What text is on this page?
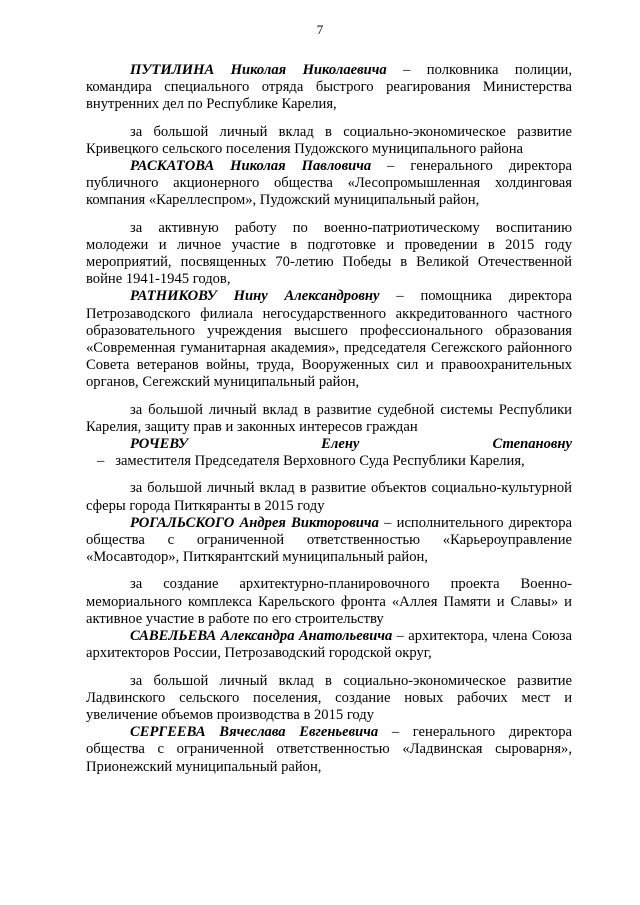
7

ПУТИЛИНА Николая Николаевича – полковника полиции, командира специального отряда быстрого реагирования Министерства внутренних дел по Республике Карелия,

за большой личный вклад в социально-экономическое развитие Кривецкого сельского поселения Пудожского муниципального района

РАСКАТОВА Николая Павловича – генерального директора публичного акционерного общества «Лесопромышленная холдинговая компания «Кареллеспром», Пудожский муниципальный район,

за активную работу по военно-патриотическому воспитанию молодежи и личное участие в подготовке и проведении в 2015 году мероприятий, посвященных 70-летию Победы в Великой Отечественной войне 1941-1945 годов,

РАТНИКОВУ Нину Александровну – помощника директора Петрозаводского филиала негосударственного аккредитованного частного образовательного учреждения высшего профессионального образования «Современная гуманитарная академия», председателя Сегежского районного Совета ветеранов войны, труда, Вооруженных сил и правоохранительных органов, Сегежский муниципальный район,

за большой личный вклад в развитие судебной системы Республики Карелия, защиту прав и законных интересов граждан

РОЧЕВУ Елену Степановну   –   заместителя Председателя Верховного Суда Республики Карелия,

за большой личный вклад в развитие объектов социально-культурной сферы города Питкяранты в 2015 году

РОГАЛЬСКОГО Андрея Викторовича – исполнительного директора общества с ограниченной ответственностью «Карьероуправление «Мосавтодор», Питкярантский муниципальный район,

за создание архитектурно-планировочного проекта Военно-мемориального комплекса Карельского фронта «Аллея Памяти и Славы» и активное участие в работе по его строительству

САВЕЛЬЕВА Александра Анатольевича – архитектора, члена Союза архитекторов России, Петрозаводский городской округ,

за большой личный вклад в социально-экономическое развитие Ладвинского сельского поселения, создание новых рабочих мест и увеличение объемов производства в 2015 году

СЕРГЕЕВА Вячеслава Евгеньевича – генерального директора общества с ограниченной ответственностью «Ладвинская сыроварня», Прионежский муниципальный район,
